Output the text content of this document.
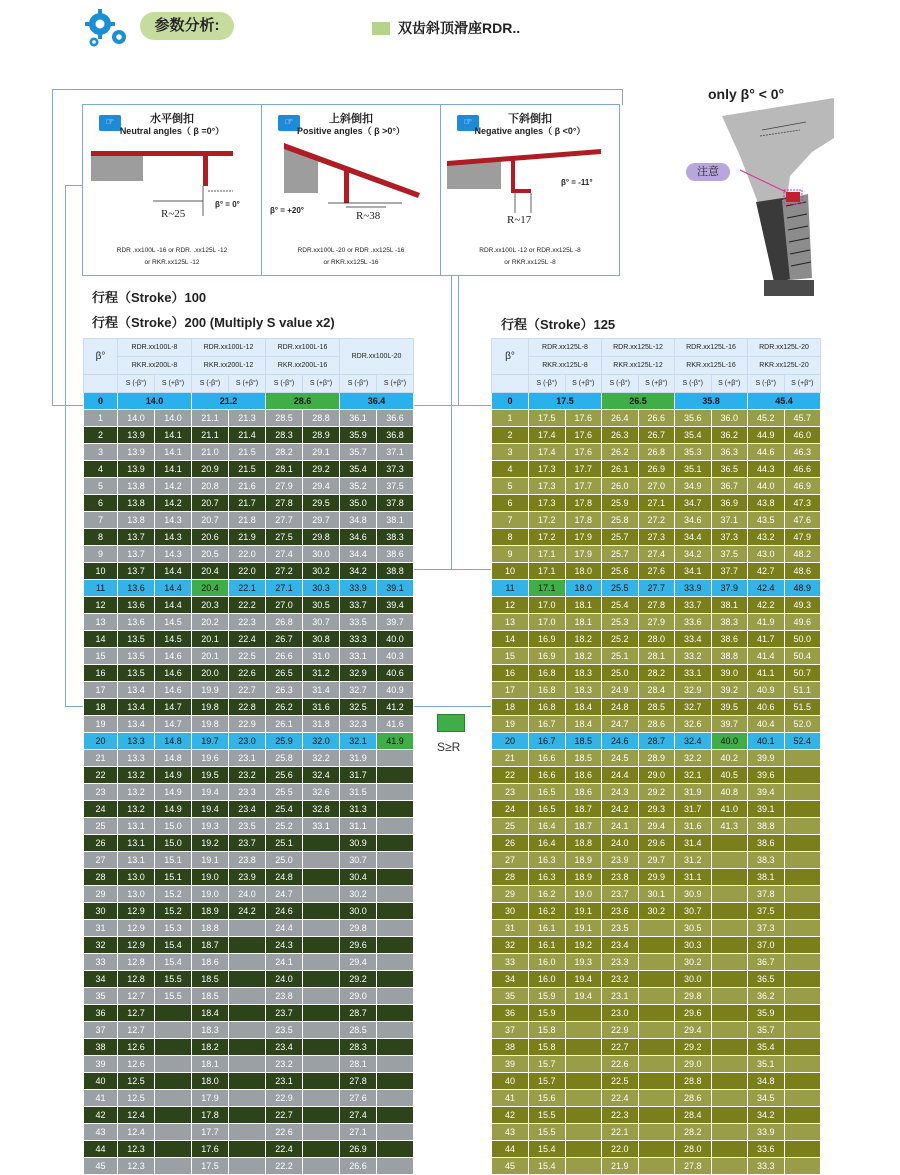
参数分析:	双齿斜顶滑座RDR..
☞	水平倒扣
Neutral angles（ β =0°）
R~25
β° = 0°
RDR .xx100L -16 or RDR. .xx125L -12
or RKR.xx125L -12
☞	上斜倒扣
Positive angles（ β >0°）
β° = +20°	R~38
RDR.xx100L -20 or RDR .xx125L -16
or RKR.xx125L -16
☞	下斜倒扣
Negative angles（ β <0°）
R~17
β° = -11°
RDR.xx100L -12 or RDR.xx125L -8
or RKR.xx125L -8
only β° < 0°
注意
行程（Stroke）100
行程（Stroke）200 (Multiply S value x2)	行程（Stroke）125
β°	RDR.xx100L-8		RDR.xx100L-12		RDR.xx100L-16		RDR.xx100L-20	
	RKR.xx200L-8		RKR.xx200L-12		RKR.xx200L-16			
	S (-β°)	S (+β°)	S (-β°)	S (+β°)	S (-β°)	S (+β°)	S (-β°)	S (+β°)
0	14.0		21.2		28.6		36.4	
1	14.0	14.0	21.1	21.3	28.5	28.8	36.1	36.6
2	13.9	14.1	21.1	21.4	28.3	28.9	35.9	36.8
3	13.9	14.1	21.0	21.5	28.2	29.1	35.7	37.1
4	13.9	14.1	20.9	21.5	28.1	29.2	35.4	37.3
5	13.8	14.2	20.8	21.6	27.9	29.4	35.2	37.5
6	13.8	14.2	20.7	21.7	27.8	29.5	35.0	37.8
7	13.8	14.3	20.7	21.8	27.7	29.7	34.8	38.1
8	13.7	14.3	20.6	21.9	27.5	29.8	34.6	38.3
9	13.7	14.3	20.5	22.0	27.4	30.0	34.4	38.6
10	13.7	14.4	20.4	22.0	27.2	30.2	34.2	38.8
11	13.6	14.4	20.4	22.1	27.1	30.3	33.9	39.1
12	13.6	14.4	20.3	22.2	27.0	30.5	33.7	39.4
13	13.6	14.5	20.2	22.3	26.8	30.7	33.5	39.7
14	13.5	14.5	20.1	22.4	26.7	30.8	33.3	40.0
15	13.5	14.6	20.1	22.5	26.6	31.0	33.1	40.3
16	13.5	14.6	20.0	22.6	26.5	31.2	32.9	40.6
17	13.4	14.6	19.9	22.7	26.3	31.4	32.7	40.9
18	13.4	14.7	19.8	22.8	26.2	31.6	32.5	41.2
19	13.4	14.7	19.8	22.9	26.1	31.8	32.3	41.6
20	13.3	14.8	19.7	23.0	25.9	32.0	32.1	41.9
21	13.3	14.8	19.6	23.1	25.8	32.2	31.9	
22	13.2	14.9	19.5	23.2	25.6	32.4	31.7	
23	13.2	14.9	19.4	23.3	25.5	32.6	31.5	
24	13.2	14.9	19.4	23.4	25.4	32.8	31.3	
25	13.1	15.0	19.3	23.5	25.2	33.1	31.1	
26	13.1	15.0	19.2	23.7	25.1		30.9	
27	13.1	15.1	19.1	23.8	25.0		30.7	
28	13.0	15.1	19.0	23.9	24.8		30.4	
29	13.0	15.2	19.0	24.0	24.7		30.2	
30	12.9	15.2	18.9	24.2	24.6		30.0	
31	12.9	15.3	18.8		24.4		29.8	
32	12.9	15.4	18.7		24.3		29.6	
33	12.8	15.4	18.6		24.1		29.4	
34	12.8	15.5	18.5		24.0		29.2	
35	12.7	15.5	18.5		23.8		29.0	
36	12.7		18.4		23.7		28.7	
37	12.7		18.3		23.5		28.5	
38	12.6		18.2		23.4		28.3	
39	12.6		18.1		23.2		28.1	
40	12.5		18.0		23.1		27.8	
41	12.5		17.9		22.9		27.6	
42	12.4		17.8		22.7		27.4	
43	12.4		17.7		22.6		27.1	
44	12.3		17.6		22.4		26.9	
45	12.3		17.5		22.2		26.6	
β°	RDR.xx125L-8		RDR.xx125L-12		RDR.xx125L-16		RDR.xx125L-20	
	RKR.xx125L-8		RKR.xx125L-12		RKR.xx125L-16		RKR.xx125L-20	
	S (-β°)	S (+β°)	S (-β°)	S (+β°)	S (-β°)	S (+β°)	S (-β°)	S (+β°)
0	17.5		26.5		35.8		45.4	
1	17.5	17.6	26.4	26.6	35.6	36.0	45.2	45.7
2	17.4	17.6	26.3	26.7	35.4	36.2	44.9	46.0
3	17.4	17.6	26.2	26.8	35.3	36.3	44.6	46.3
4	17.3	17.7	26.1	26.9	35.1	36.5	44.3	46.6
5	17.3	17.7	26.0	27.0	34.9	36.7	44.0	46.9
6	17.3	17.8	25.9	27.1	34.7	36.9	43.8	47.3
7	17.2	17.8	25.8	27.2	34.6	37.1	43.5	47.6
8	17.2	17.9	25.7	27.3	34.4	37.3	43.2	47.9
9	17.1	17.9	25.7	27.4	34.2	37.5	43.0	48.2
10	17.1	18.0	25.6	27.6	34.1	37.7	42.7	48.6
11	17.1	18.0	25.5	27.7	33.9	37.9	42.4	48.9
12	17.0	18.1	25.4	27.8	33.7	38.1	42.2	49.3
13	17.0	18.1	25.3	27.9	33.6	38.3	41.9	49.6
14	16.9	18.2	25.2	28.0	33.4	38.6	41.7	50.0
15	16.9	18.2	25.1	28.1	33.2	38.8	41.4	50.4
16	16.8	18.3	25.0	28.2	33.1	39.0	41.1	50.7
17	16.8	18.3	24.9	28.4	32.9	39.2	40.9	51.1
18	16.8	18.4	24.8	28.5	32.7	39.5	40.6	51.5
19	16.7	18.4	24.7	28.6	32.6	39.7	40.4	52.0
20	16.7	18.5	24.6	28.7	32.4	40.0	40.1	52.4
21	16.6	18.5	24.5	28.9	32.2	40.2	39.9	
22	16.6	18.6	24.4	29.0	32.1	40.5	39.6	
23	16.5	18.6	24.3	29.2	31.9	40.8	39.4	
24	16.5	18.7	24.2	29.3	31.7	41.0	39.1	
25	16.4	18.7	24.1	29.4	31.6	41.3	38.8	
26	16.4	18.8	24.0	29.6	31.4		38.6	
27	16.3	18.9	23.9	29.7	31.2		38.3	
28	16.3	18.9	23.8	29.9	31.1		38.1	
29	16.2	19.0	23.7	30.1	30.9		37.8	
30	16.2	19.1	23.6	30.2	30.7		37.5	
31	16.1	19.1	23.5		30.5		37.3	
32	16.1	19.2	23.4		30.3		37.0	
33	16.0	19.3	23.3		30.2		36.7	
34	16.0	19.4	23.2		30.0		36.5	
35	15.9	19.4	23.1		29.8		36.2	
36	15.9		23.0		29.6		35.9	
37	15.8		22.9		29.4		35.7	
38	15.8		22.7		29.2		35.4	
39	15.7		22.6		29.0		35.1	
40	15.7		22.5		28.8		34.8	
41	15.6		22.4		28.6		34.5	
42	15.5		22.3		28.4		34.2	
43	15.5		22.1		28.2		33.9	
44	15.4		22.0		28.0		33.6	
45	15.4		21.9		27.8		33.3	
S≥R
